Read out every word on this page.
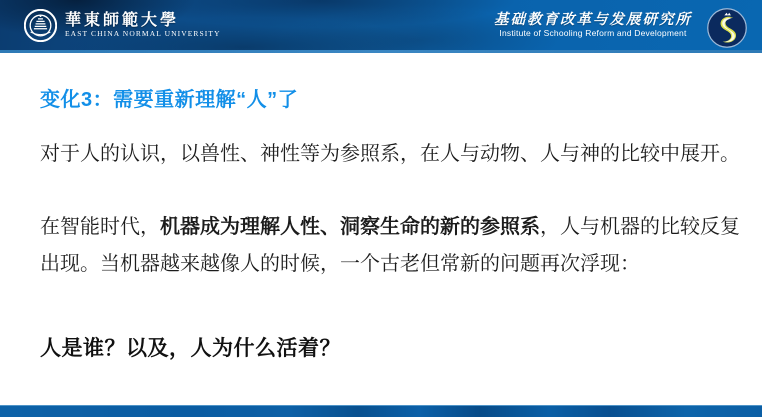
華東師範大學
EAST CHINA NORMAL UNIVERSITY
基础教育改革与发展研究所
Institute of Schooling Reform and Development
变化3：需要重新理解“人”了
对于人的认识，以兽性、神性等为参照系，在人与动物、人与神的比较中展开。
在智能时代，机器成为理解人性、洞察生命的新的参照系，人与机器的比较反复出现。当机器越来越像人的时候，一个古老但常新的问题再次浮现：
人是谁？以及，人为什么活着？
